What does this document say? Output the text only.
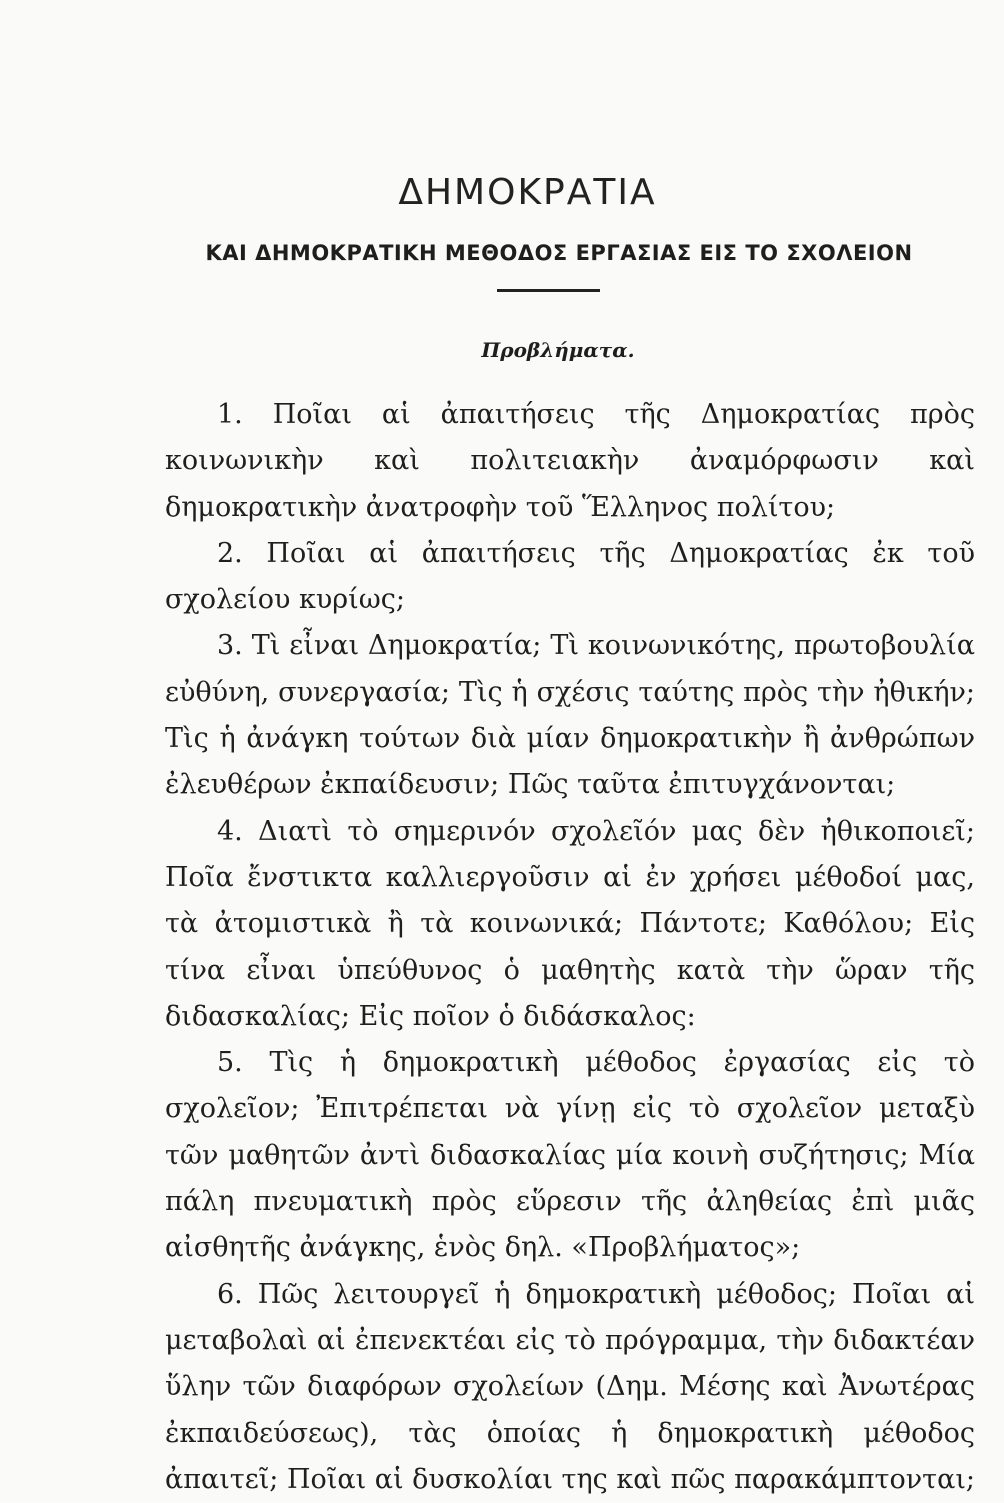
ΔΗΜΟΚΡΑΤΙΑ
ΚΑΙ ΔΗΜΟΚΡΑΤΙΚΗ ΜΕΘΟΔΟΣ ΕΡΓΑΣΙΑΣ ΕΙΣ ΤΟ ΣΧΟΛΕΙΟΝ
Προβλήματα.

1. Ποῖαι αἱ ἀπαιτήσεις τῆς Δημοκρατίας πρὸς κοινωνικὴν καὶ πολιτειακὴν ἀναμόρφωσιν καὶ δημοκρατικὴν ἀνατροφὴν τοῦ Ἕλληνος πολίτου;

2. Ποῖαι αἱ ἀπαιτήσεις τῆς Δημοκρατίας ἐκ τοῦ σχολείου κυρίως;

3. Τὶ εἶναι Δημοκρατία; Τὶ κοινωνικότης, πρωτοβουλία εὐθύνη, συνεργασία; Τὶς ἡ σχέσις ταύτης πρὸς τὴν ἠθικήν; Τὶς ἡ ἀνάγκη τούτων διὰ μίαν δημοκρατικὴν ἢ ἀνθρώπων ἐλευθέρων ἐκπαίδευσιν; Πῶς ταῦτα ἐπιτυγχάνονται;

4. Διατὶ τὸ σημερινόν σχολεῖόν μας δὲν ἠθικοποιεῖ; Ποῖα ἔνστικτα καλλιεργοῦσιν αἱ ἐν χρήσει μέθοδοί μας, τὰ ἀτομιστικὰ ἢ τὰ κοινωνικά; Πάντοτε; Καθόλου; Εἰς τίνα εἶναι ὑπεύθυνος ὁ μαθητὴς κατὰ τὴν ὥραν τῆς διδασκαλίας; Εἰς ποῖον ὁ διδάσκαλος:

5. Τὶς ἡ δημοκρατικὴ μέθοδος ἐργασίας εἰς τὸ σχολεῖον; Ἐπιτρέπεται νὰ γίνῃ εἰς τὸ σχολεῖον μεταξὺ τῶν μαθητῶν ἀντὶ διδασκαλίας μία κοινὴ συζήτησις; Μία πάλη πνευματικὴ πρὸς εὕρεσιν τῆς ἀληθείας ἐπὶ μιᾶς αἰσθητῆς ἀνάγκης, ἑνὸς δηλ. «Προβλήματος»;

6. Πῶς λειτουργεῖ ἡ δημοκρατικὴ μέθοδος; Ποῖαι αἱ μεταβολαὶ αἱ ἐπενεκτέαι εἰς τὸ πρόγραμμα, τὴν διδακτέαν ὕλην τῶν διαφόρων σχολείων (Δημ. Μέσης καὶ Ἀνωτέρας ἐκπαιδεύσεως), τὰς ὁποίας ἡ δημοκρατικὴ μέθοδος ἀπαιτεῖ; Ποῖαι αἱ δυσκολίαι της καὶ πῶς παρακάμπτονται;
